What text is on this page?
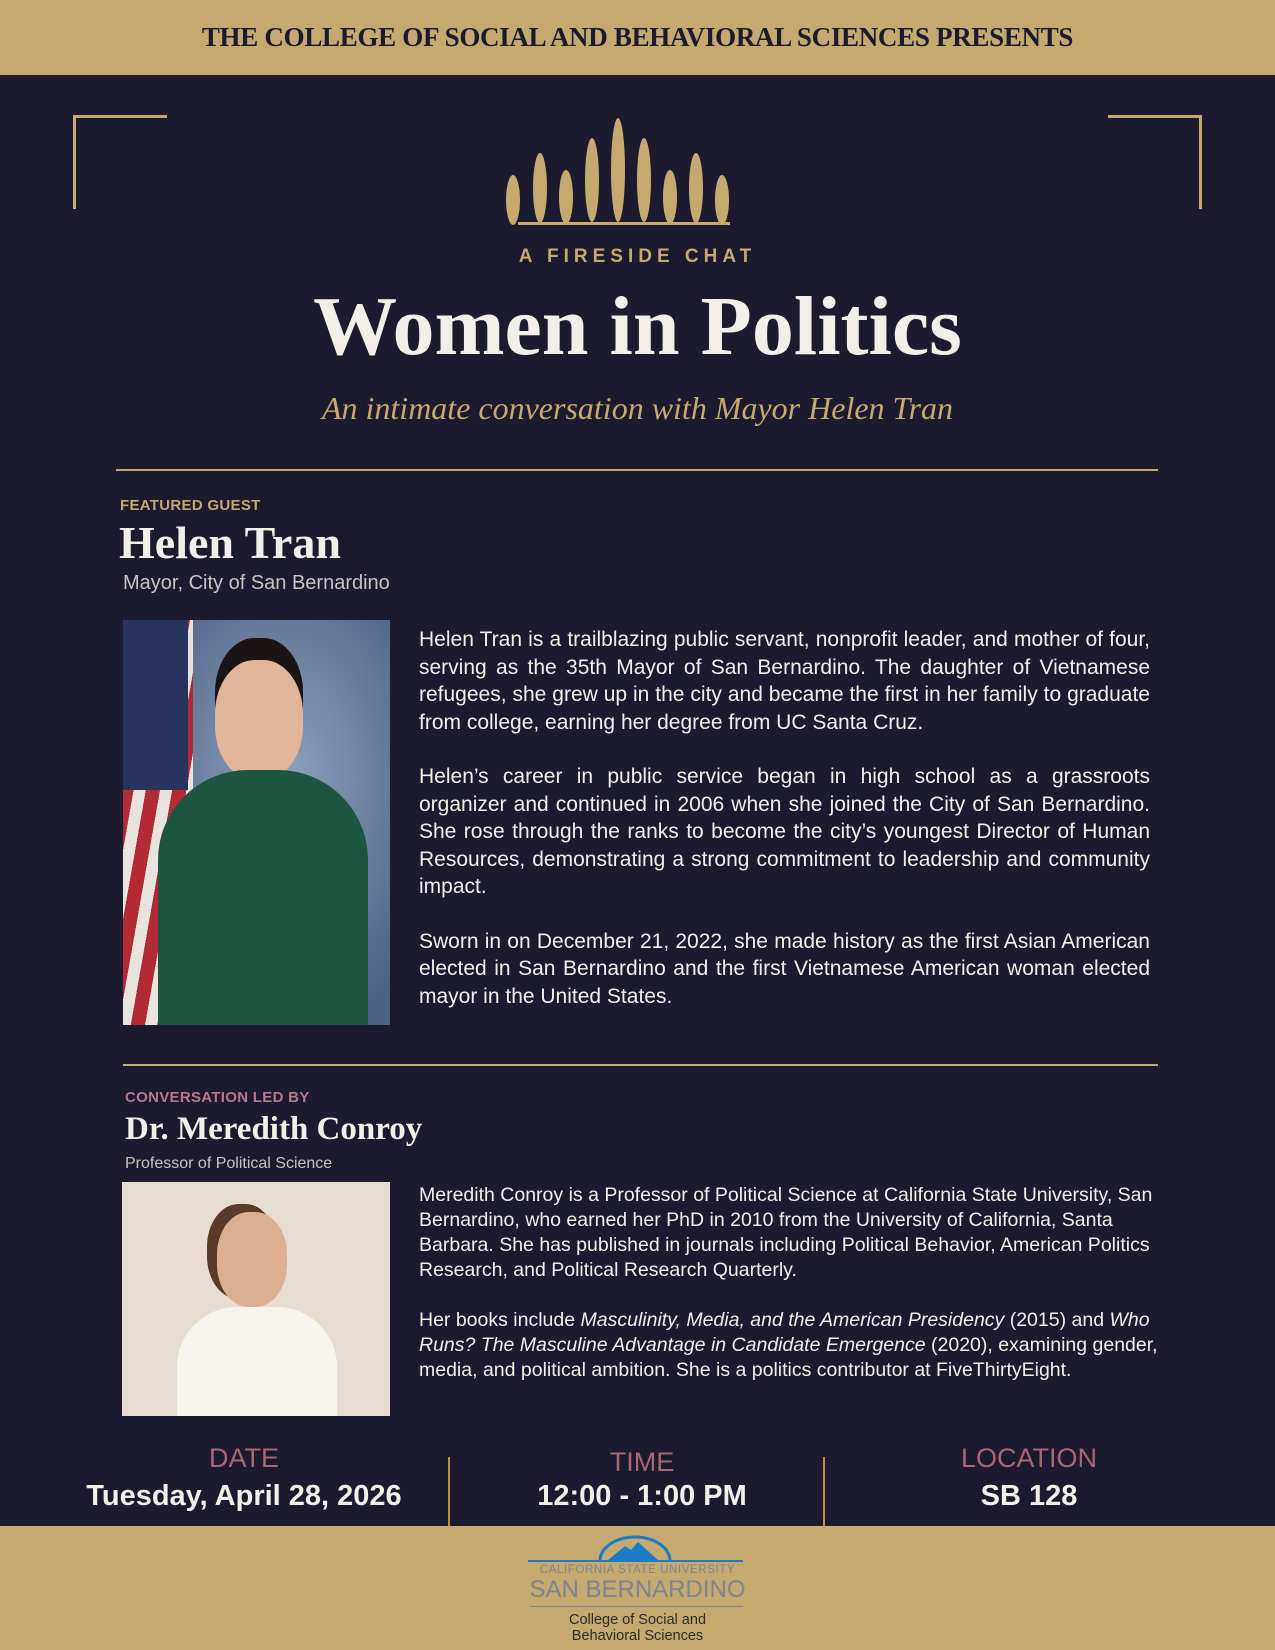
THE COLLEGE OF SOCIAL AND BEHAVIORAL SCIENCES PRESENTS
A FIRESIDE CHAT
Women in Politics
An intimate conversation with Mayor Helen Tran
FEATURED GUEST
Helen Tran
Mayor, City of San Bernardino

Helen Tran is a trailblazing public servant, nonprofit leader, and mother of four, serving as the 35th Mayor of San Bernardino. The daughter of Vietnamese refugees, she grew up in the city and became the first in her family to graduate from college, earning her degree from UC Santa Cruz.

Helen’s career in public service began in high school as a grassroots organizer and continued in 2006 when she joined the City of San Bernardino. She rose through the ranks to become the city’s youngest Director of Human Resources, demonstrating a strong commitment to leadership and community impact.

Sworn in on December 21, 2022, she made history as the first Asian American elected in San Bernardino and the first Vietnamese American woman elected mayor in the United States.

CONVERSATION LED BY
Dr. Meredith Conroy
Professor of Political Science

Meredith Conroy is a Professor of Political Science at California State University, San Bernardino, who earned her PhD in 2010 from the University of California, Santa Barbara. She has published in journals including Political Behavior, American Politics Research, and Political Research Quarterly.

Her books include Masculinity, Media, and the American Presidency (2015) and Who Runs? The Masculine Advantage in Candidate Emergence (2020), examining gender, media, and political ambition. She is a politics contributor at FiveThirtyEight.

DATE
Tuesday, April 28, 2026
TIME
12:00 - 1:00 PM
LOCATION
SB 128
CALIFORNIA STATE UNIVERSITY
SAN BERNARDINO
College of Social and
Behavioral Sciences
